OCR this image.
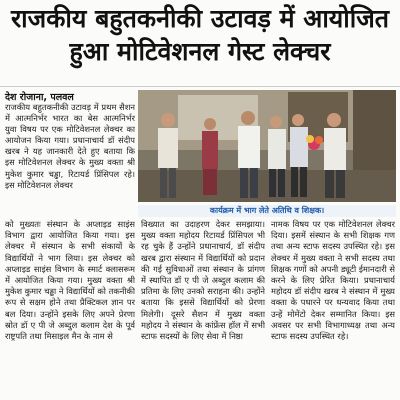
राजकीय बहुतकनीकी उटावड़ में आयोजित
हुआ मोटिवेशनल गेस्ट लेक्चर
देश रोजाना, पलवल
राजकीय बहुतकनीकी उटावड़ में प्रथम सैशन में आत्मनिर्भर भारत का बेस आत्मनिर्भर युवा विषय पर एक मोटिवेशनल लेक्चर का आयोजन किया गया। प्रधानाचार्य डॉ संदीप खरब ने यह जानकारी देते हुए बताया कि इस मोटिवेशनल लेक्चर के मुख्य वक्ता श्री मुकेश कुमार चड्ढा, रिटायर्ड प्रिंसिपल रहे। इस मोटिवेशनल लेक्चर
कार्यक्रम में भाग लेते अतिथि व शिक्षक।
को मुख्यतः संस्थान के अप्लाइड साइंस विभाग द्वारा आयोजित किया गया। इस लेक्चर में संस्थान के सभी संकायों के विद्यार्थियों ने भाग लिया। इस लेक्चर को अप्लाइड साइंस विभाग के स्मार्ट क्लासरूम में आयोजित किया गया। मुख्य वक्ता श्री मुकेश कुमार चड्ढा ने विद्यार्थियों को तकनीकी रूप से सक्षम होने तथा प्रैक्टिकल ज्ञान पर बल दिया। उन्होंने इसके लिए अपने प्रेरणा स्रोत डॉ ए पी जे अब्दुल कलाम देश के पूर्व राष्ट्रपति तथा मिसाइल मैन के नाम से
विख्यात का उदाहरण देकर समझाया। मुख्य वक्ता महोदय रिटायर्ड प्रिंसिपल भी रह चुके हैं उन्होंने प्रधानाचार्य, डॉ संदीप खरब द्वारा संस्थान में विद्यार्थियों को प्रदान की गई सुविधाओं तथा संस्थान के प्रांगण में स्थापित डॉ ए पी जे अब्दुल कलाम की प्रतिमा के लिए उनको सराहना की। उन्होंने बताया कि इससे विद्यार्थियों को प्रेरणा मिलेगी। दूसरे सैशन में मुख्य वक्ता महोदय ने संस्थान के कांफ्रेंस हॉल में सभी स्टाफ सदस्यों के लिए सेवा में निष्ठा
नामक विषय पर एक मोटिवेशनल लेक्चर दिया। इसमें संस्थान के सभी शिक्षक गण तथा अन्य स्टाफ सदस्य उपस्थित रहे। इस लेक्चर में मुख्य वक्ता ने सभी सदस्य तथा शिक्षक गणों को अपनी ड्यूटी ईमानदारी से करने के लिए प्रेरित किया। प्रधानाचार्य महोदय डॉ संदीप खरब ने संस्थान में मुख्य वक्ता के पधारने पर धन्यवाद किया तथा उन्हें मोमेंटो देकर सम्मानित किया। इस अवसर पर सभी विभागाध्यक्ष तथा अन्य स्टाफ सदस्य उपस्थित रहे।
